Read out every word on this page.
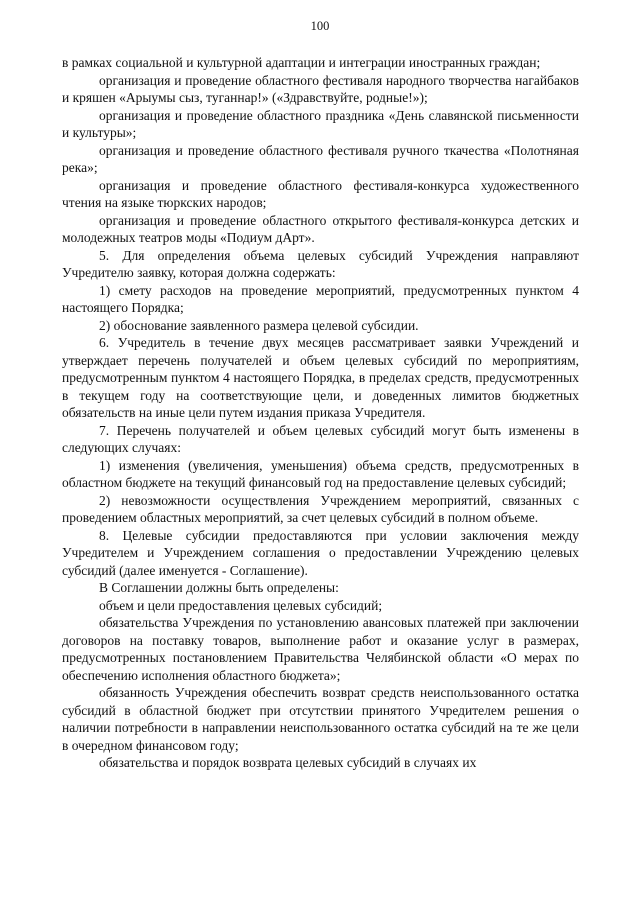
100

в рамках социальной и культурной адаптации и интеграции иностранных граждан;

организация и проведение областного фестиваля народного творчества нагайбаков и кряшен «Арыумы сыз, туганнар!» («Здравствуйте, родные!»);

организация и проведение областного праздника «День славянской письменности и культуры»;

организация и проведение областного фестиваля ручного ткачества «Полотняная река»;

организация и проведение областного фестиваля-конкурса художественного чтения на языке тюркских народов;

организация и проведение областного открытого фестиваля-конкурса детских и молодежных театров моды «Подиум дАрт».

5. Для определения объема целевых субсидий Учреждения направляют Учредителю заявку, которая должна содержать:

1) смету расходов на проведение мероприятий, предусмотренных пунктом 4 настоящего Порядка;

2) обоснование заявленного размера целевой субсидии.

6. Учредитель в течение двух месяцев рассматривает заявки Учреждений и утверждает перечень получателей и объем целевых субсидий по мероприятиям, предусмотренным пунктом 4 настоящего Порядка, в пределах средств, предусмотренных в текущем году на соответствующие цели, и доведенных лимитов бюджетных обязательств на иные цели путем издания приказа Учредителя.

7. Перечень получателей и объем целевых субсидий могут быть изменены в следующих случаях:

1) изменения (увеличения, уменьшения) объема средств, предусмотренных в областном бюджете на текущий финансовый год на предоставление целевых субсидий;

2) невозможности осуществления Учреждением мероприятий, связанных с проведением областных мероприятий, за счет целевых субсидий в полном объеме.

8. Целевые субсидии предоставляются при условии заключения между Учредителем и Учреждением соглашения о предоставлении Учреждению целевых субсидий (далее именуется - Соглашение).

В Соглашении должны быть определены:

объем и цели предоставления целевых субсидий;

обязательства Учреждения по установлению авансовых платежей при заключении договоров на поставку товаров, выполнение работ и оказание услуг в размерах, предусмотренных постановлением Правительства Челябинской области «О мерах по обеспечению исполнения областного бюджета»;

обязанность Учреждения обеспечить возврат средств неиспользованного остатка субсидий в областной бюджет при отсутствии принятого Учредителем решения о наличии потребности в направлении неиспользованного остатка субсидий на те же цели в очередном финансовом году;

обязательства и порядок возврата целевых субсидий в случаях их
